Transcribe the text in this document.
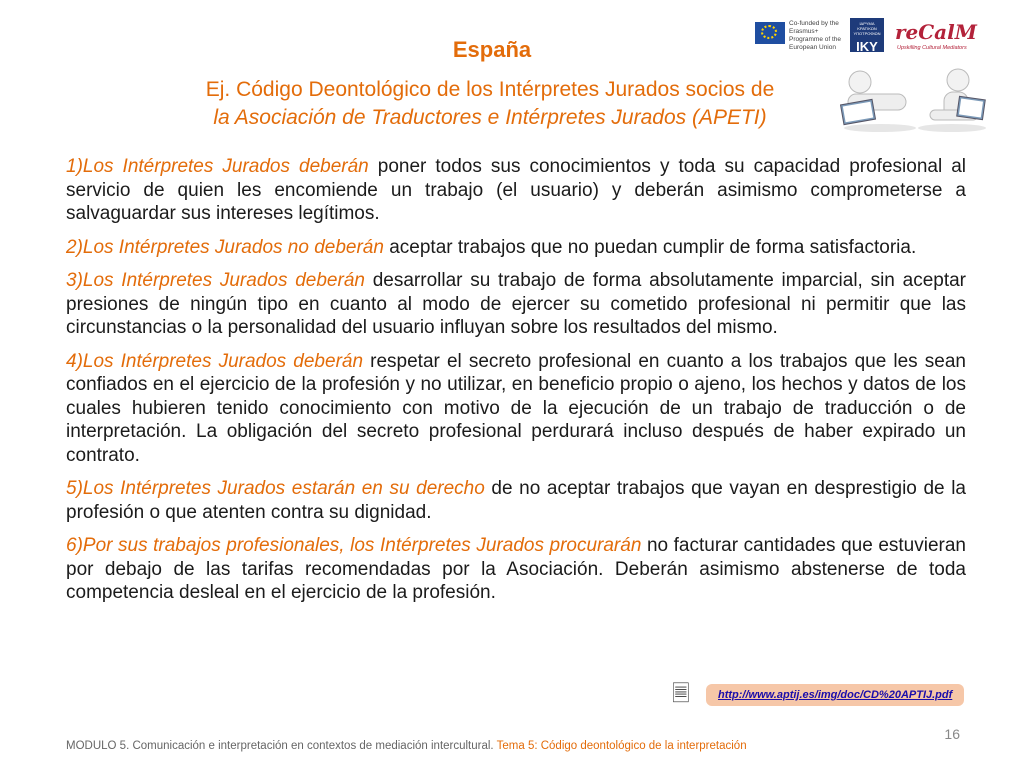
Co-funded by the Erasmus+ Programme of the European Union
ΙΔΡΥΜΑ ΚΡΑΤΙΚΩΝ ΥΠΟΤΡΟΦΙΩΝ
IKY
reCalM
Upskilling Cultural Mediators
España
Ej. Código Deontológico de los Intérpretes Jurados socios de
la Asociación de Traductores e Intérpretes Jurados (APETI)

1)Los Intérpretes Jurados deberán poner todos sus conocimientos y toda su capacidad profesional al servicio de quien les encomiende un trabajo (el usuario) y deberán asimismo comprometerse a salvaguardar sus intereses legítimos.

2)Los Intérpretes Jurados no deberán aceptar trabajos que no puedan cumplir de forma satisfactoria.

3)Los Intérpretes Jurados deberán desarrollar su trabajo de forma absolutamente imparcial, sin aceptar presiones de ningún tipo en cuanto al modo de ejercer su cometido profesional ni permitir que las circunstancias o la personalidad del usuario influyan sobre los resultados del mismo.

4)Los Intérpretes Jurados deberán respetar el secreto profesional en cuanto a los trabajos que les sean confiados en el ejercicio de la profesión y no utilizar, en beneficio propio o ajeno, los hechos y datos de los cuales hubieren tenido conocimiento con motivo de la ejecución de un trabajo de traducción o de interpretación. La obligación del secreto profesional perdurará incluso después de haber expirado un contrato.

5)Los Intérpretes Jurados estarán en su derecho de no aceptar trabajos que vayan en desprestigio de la profesión o que atenten contra su dignidad.

6)Por sus trabajos profesionales, los Intérpretes Jurados procurarán no facturar cantidades que estuvieran por debajo de las tarifas recomendadas por la Asociación. Deberán asimismo abstenerse de toda competencia desleal en el ejercicio de la profesión.

🗏	http://www.aptij.es/img/doc/CD%20APTIJ.pdf
16
MODULO 5. Comunicación e interpretación en contextos de mediación intercultural. Tema 5: Código deontológico de la interpretación
